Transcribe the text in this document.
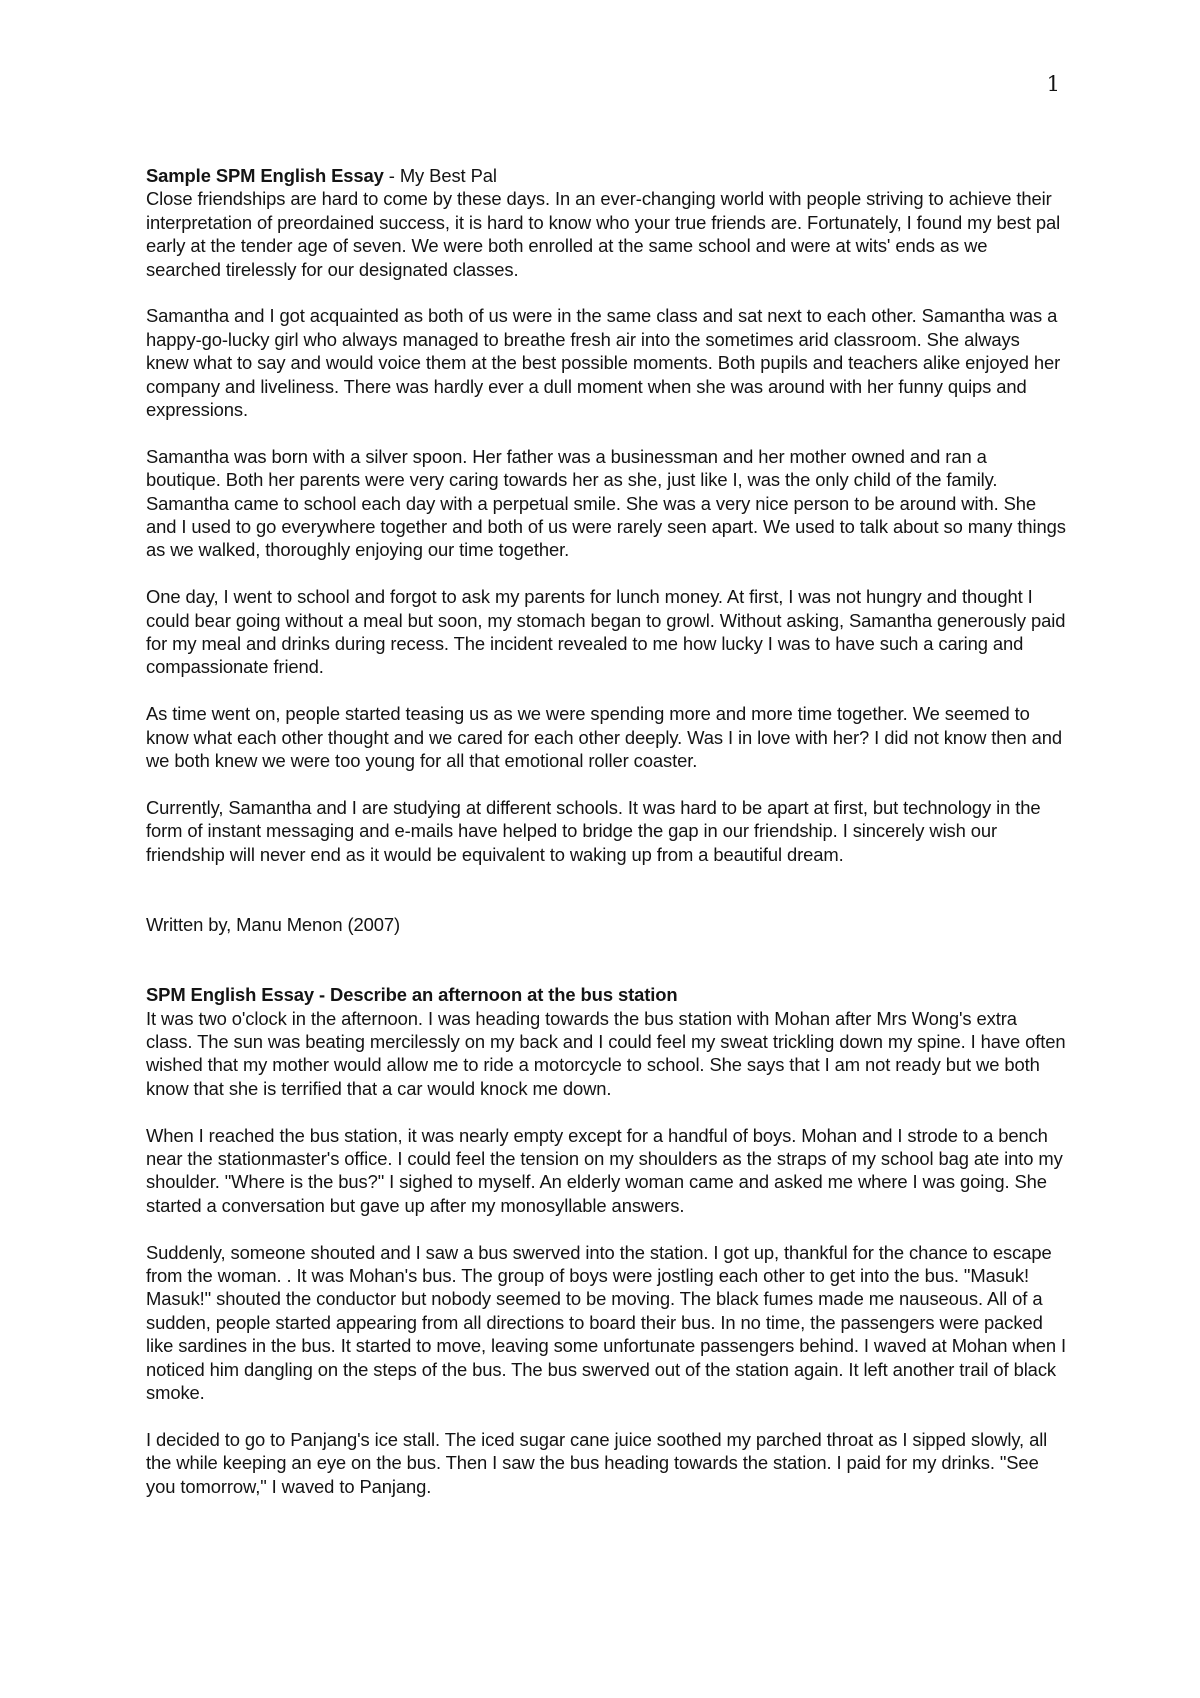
1

Sample SPM English Essay - My Best Pal

Close friendships are hard to come by these days. In an ever-changing world with people striving to achieve their interpretation of preordained success, it is hard to know who your true friends are. Fortunately, I found my best pal early at the tender age of seven. We were both enrolled at the same school and were at wits' ends as we searched tirelessly for our designated classes.

Samantha and I got acquainted as both of us were in the same class and sat next to each other. Samantha was a happy-go-lucky girl who always managed to breathe fresh air into the sometimes arid classroom. She always knew what to say and would voice them at the best possible moments. Both pupils and teachers alike enjoyed her company and liveliness. There was hardly ever a dull moment when she was around with her funny quips and expressions.

Samantha was born with a silver spoon. Her father was a businessman and her mother owned and ran a boutique. Both her parents were very caring towards her as she, just like I, was the only child of the family. Samantha came to school each day with a perpetual smile. She was a very nice person to be around with. She and I used to go everywhere together and both of us were rarely seen apart. We used to talk about so many things as we walked, thoroughly enjoying our time together.

One day, I went to school and forgot to ask my parents for lunch money. At first, I was not hungry and thought I could bear going without a meal but soon, my stomach began to growl. Without asking, Samantha generously paid for my meal and drinks during recess. The incident revealed to me how lucky I was to have such a caring and compassionate friend.

As time went on, people started teasing us as we were spending more and more time together. We seemed to know what each other thought and we cared for each other deeply. Was I in love with her? I did not know then and we both knew we were too young for all that emotional roller coaster.

Currently, Samantha and I are studying at different schools. It was hard to be apart at first, but technology in the form of instant messaging and e-mails have helped to bridge the gap in our friendship. I sincerely wish our friendship will never end as it would be equivalent to waking up from a beautiful dream.

Written by, Manu Menon (2007)

SPM English Essay - Describe an afternoon at the bus station

It was two o'clock in the afternoon. I was heading towards the bus station with Mohan after Mrs Wong's extra class. The sun was beating mercilessly on my back and I could feel my sweat trickling down my spine. I have often wished that my mother would allow me to ride a motorcycle to school. She says that I am not ready but we both know that she is terrified that a car would knock me down.

When I reached the bus station, it was nearly empty except for a handful of boys. Mohan and I strode to a bench near the stationmaster's office. I could feel the tension on my shoulders as the straps of my school bag ate into my shoulder. "Where is the bus?" I sighed to myself. An elderly woman came and asked me where I was going. She started a conversation but gave up after my monosyllable answers.

Suddenly, someone shouted and I saw a bus swerved into the station. I got up, thankful for the chance to escape from the woman. . It was Mohan's bus. The group of boys were jostling each other to get into the bus. "Masuk! Masuk!" shouted the conductor but nobody seemed to be moving. The black fumes made me nauseous. All of a sudden, people started appearing from all directions to board their bus. In no time, the passengers were packed like sardines in the bus. It started to move, leaving some unfortunate passengers behind. I waved at Mohan when I noticed him dangling on the steps of the bus. The bus swerved out of the station again. It left another trail of black smoke.

I decided to go to Panjang's ice stall. The iced sugar cane juice soothed my parched throat as I sipped slowly, all the while keeping an eye on the bus. Then I saw the bus heading towards the station. I paid for my drinks. "See you tomorrow," I waved to Panjang.
